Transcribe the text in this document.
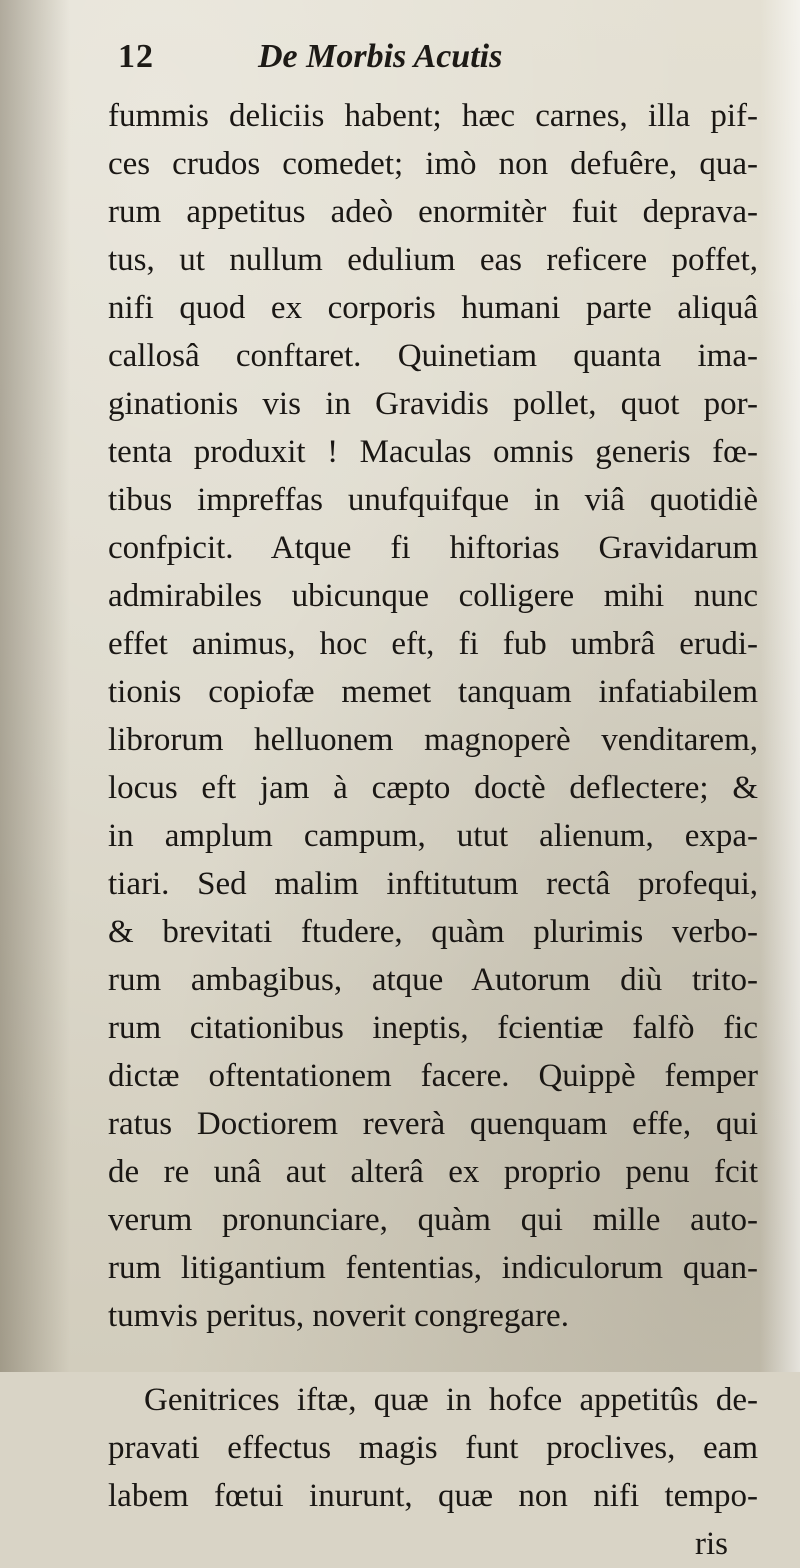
12	De Morbis Acutis
fummis deliciis habent; hæc carnes, illa pif-
ces crudos comedet; imò non defuêre, qua-
rum appetitus adeò enormitèr fuit deprava-
tus, ut nullum edulium eas reficere poffet,
nifi quod ex corporis humani parte aliquâ
callosâ conftaret. Quinetiam quanta ima-
ginationis vis in Gravidis pollet, quot por-
tenta produxit ! Maculas omnis generis fœ-
tibus impreffas unufquifque in viâ quotidiè
confpicit. Atque fi hiftorias Gravidarum
admirabiles ubicunque colligere mihi nunc
effet animus, hoc eft, fi fub umbrâ erudi-
tionis copiofæ memet tanquam infatiabilem
librorum helluonem magnoperè venditarem,
locus eft jam à cæpto doctè deflectere; &
in amplum campum, utut alienum, expa-
tiari. Sed malim inftitutum rectâ profequi,
& brevitati ftudere, quàm plurimis verbo-
rum ambagibus, atque Autorum diù trito-
rum citationibus ineptis, fcientiæ falfò fic
dictæ oftentationem facere. Quippè femper
ratus Doctiorem reverà quenquam effe, qui
de re unâ aut alterâ ex proprio penu fcit
verum pronunciare, quàm qui mille auto-
rum litigantium fententias, indiculorum quan-
tumvis peritus, noverit congregare.
Genitrices iftæ, quæ in hofce appetitûs de-
pravati effectus magis funt proclives, eam
labem fœtui inurunt, quæ non nifi tempo-
ris
